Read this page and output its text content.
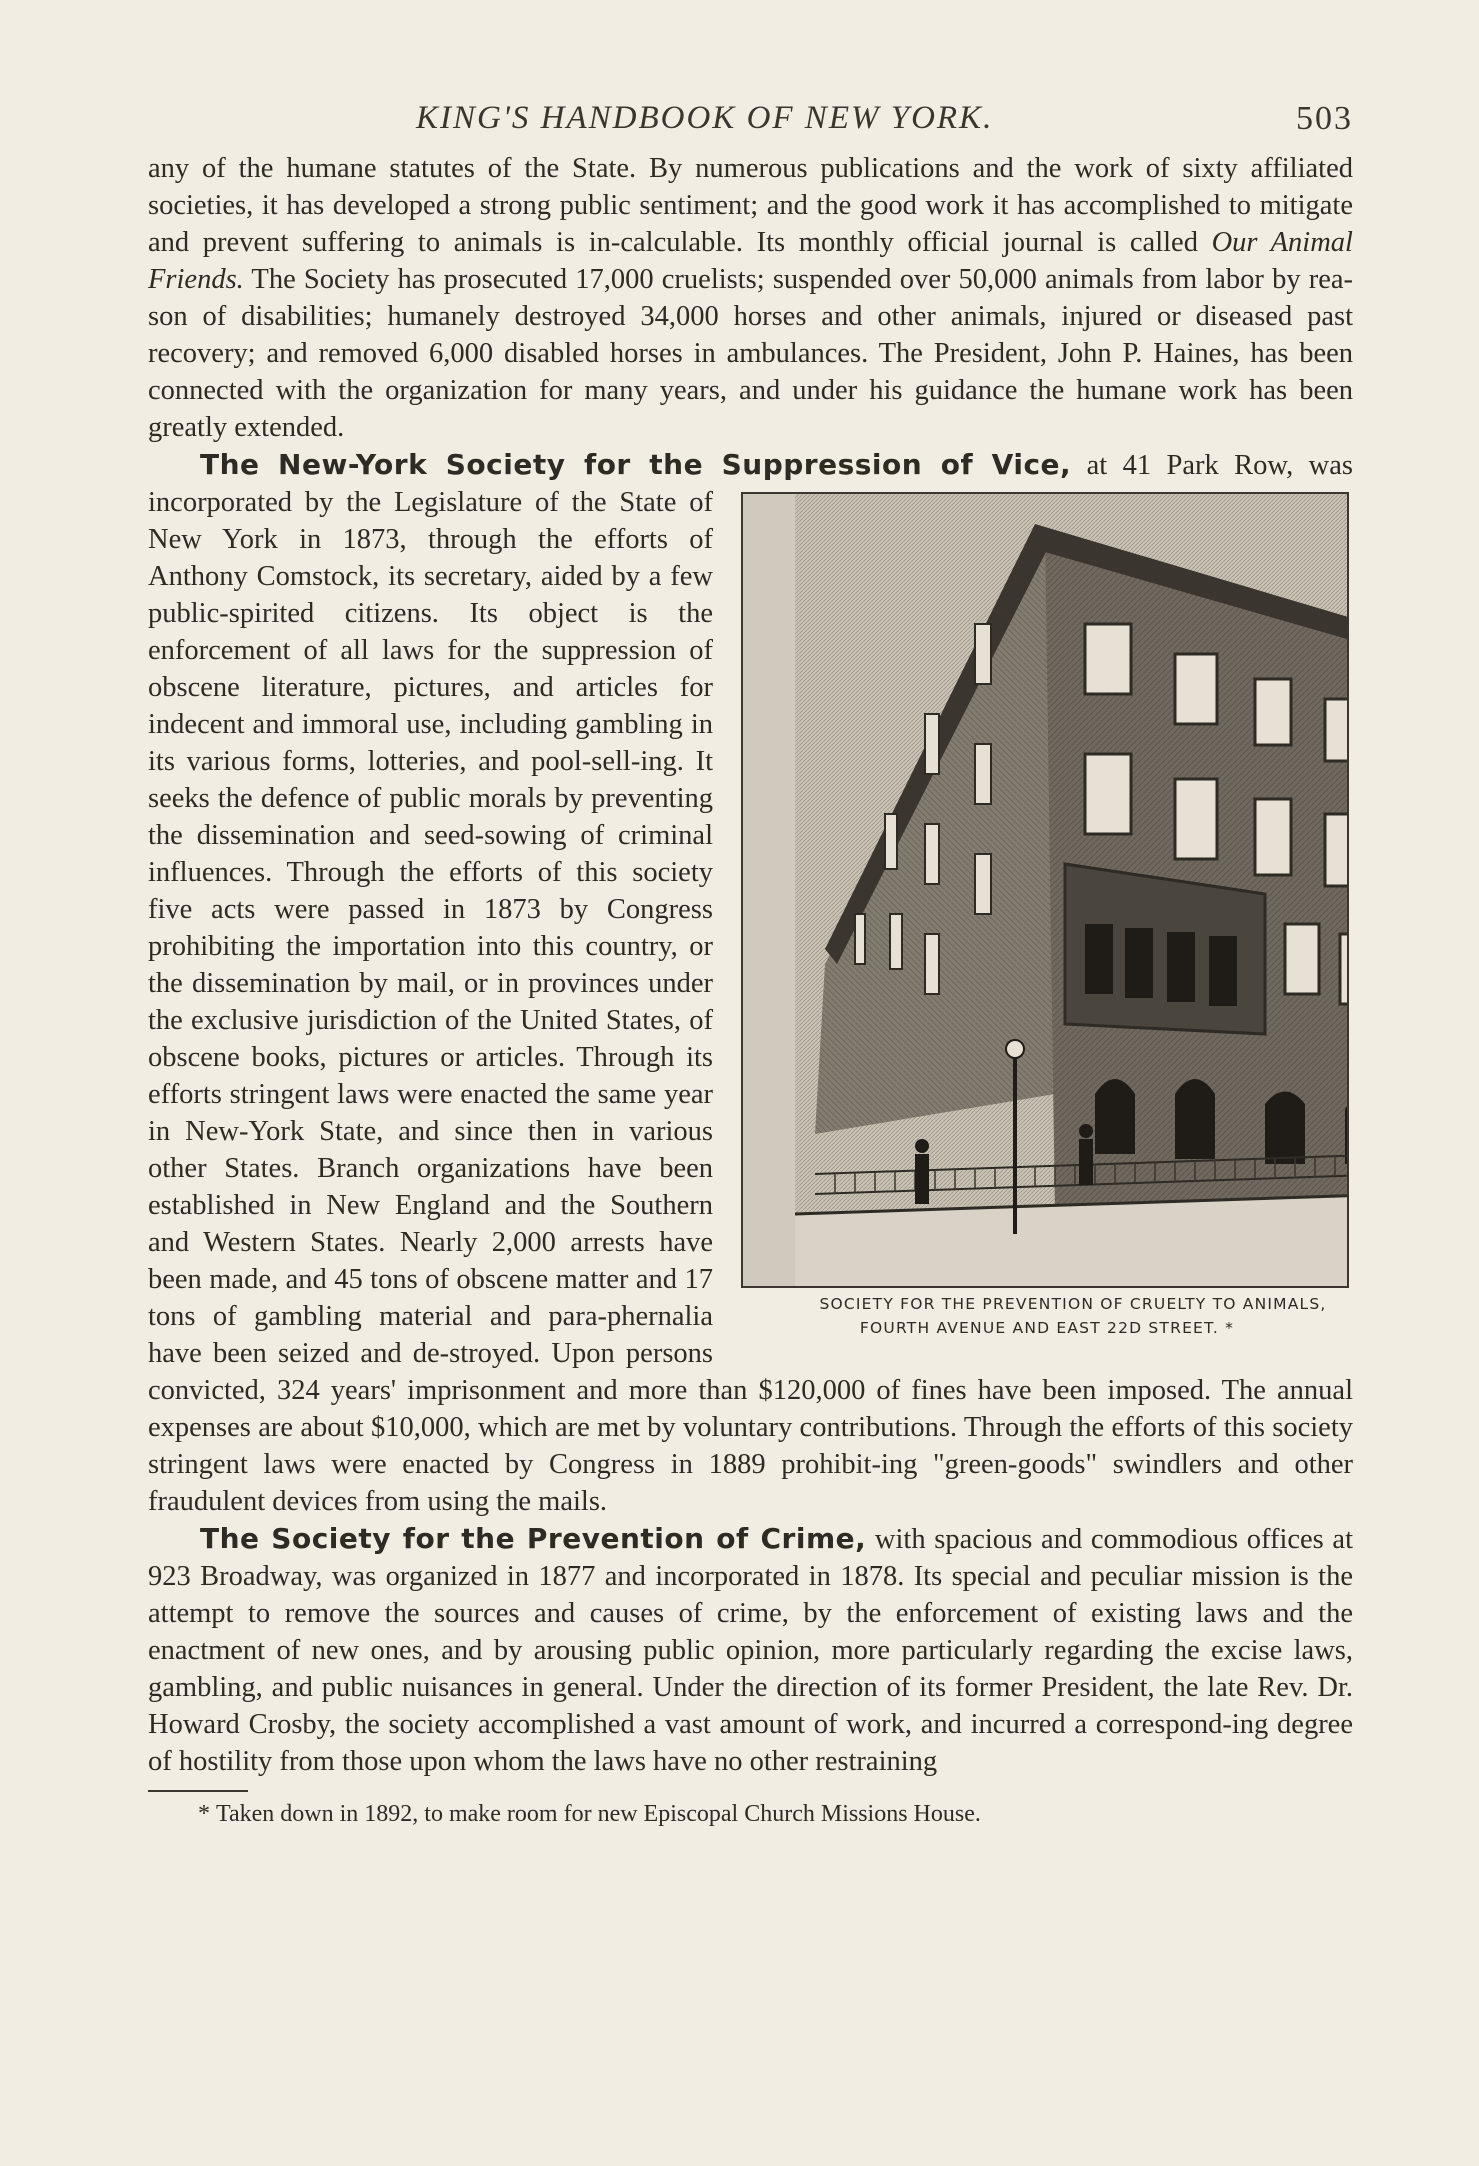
KING'S HANDBOOK OF NEW YORK.	503

any of the humane statutes of the State. By numerous publications and the work of sixty affiliated societies, it has developed a strong public sentiment; and the good work it has accomplished to mitigate and prevent suffering to animals is in-calculable. Its monthly official journal is called Our Animal Friends. The Society has prosecuted 17,000 cruelists; suspended over 50,000 animals from labor by rea-son of disabilities; humanely destroyed 34,000 horses and other animals, injured or diseased past recovery; and removed 6,000 disabled horses in ambulances. The President, John P. Haines, has been connected with the organization for many years, and under his guidance the humane work has been greatly extended.

The New-York Society for the Suppression of Vice,
SOCIETY FOR THE PREVENTION OF CRUELTY TO ANIMALS,
FOURTH AVENUE AND EAST 22D STREET. *
at 41 Park Row, was incorporated by the Legislature of the State of New York in 1873, through the efforts of Anthony Comstock, its secretary, aided by a few public-spirited citizens. Its object is the enforcement of all laws for the suppression of obscene literature, pictures, and articles for indecent and immoral use, including gambling in its various forms, lotteries, and pool-sell-ing. It seeks the defence of public morals by preventing the dissemination and seed-sowing of criminal influences. Through the efforts of this society five acts were passed in 1873 by Congress prohibiting the importation into this country, or the dissemination by mail, or in provinces under the exclusive jurisdiction of the United States, of obscene books, pictures or articles. Through its efforts stringent laws were enacted the same year in New-York State, and since then in various other States. Branch organizations have been established in New England and the Southern and Western States. Nearly 2,000 arrests have been made, and 45 tons of obscene matter and 17 tons of gambling material and para-phernalia have been seized and de-stroyed. Upon persons convicted, 324 years' imprisonment and more than $120,000 of fines have been imposed. The annual expenses are about $10,000, which are met by voluntary contributions. Through the efforts of this society stringent laws were enacted by Congress in 1889 prohibit-ing "green-goods" swindlers and other fraudulent devices from using the mails.

The Society for the Prevention of Crime, with spacious and commodious offices at 923 Broadway, was organized in 1877 and incorporated in 1878. Its special and peculiar mission is the attempt to remove the sources and causes of crime, by the enforcement of existing laws and the enactment of new ones, and by arousing public opinion, more particularly regarding the excise laws, gambling, and public nuisances in general. Under the direction of its former President, the late Rev. Dr. Howard Crosby, the society accomplished a vast amount of work, and incurred a correspond-ing degree of hostility from those upon whom the laws have no other restraining

* Taken down in 1892, to make room for new Episcopal Church Missions House.
